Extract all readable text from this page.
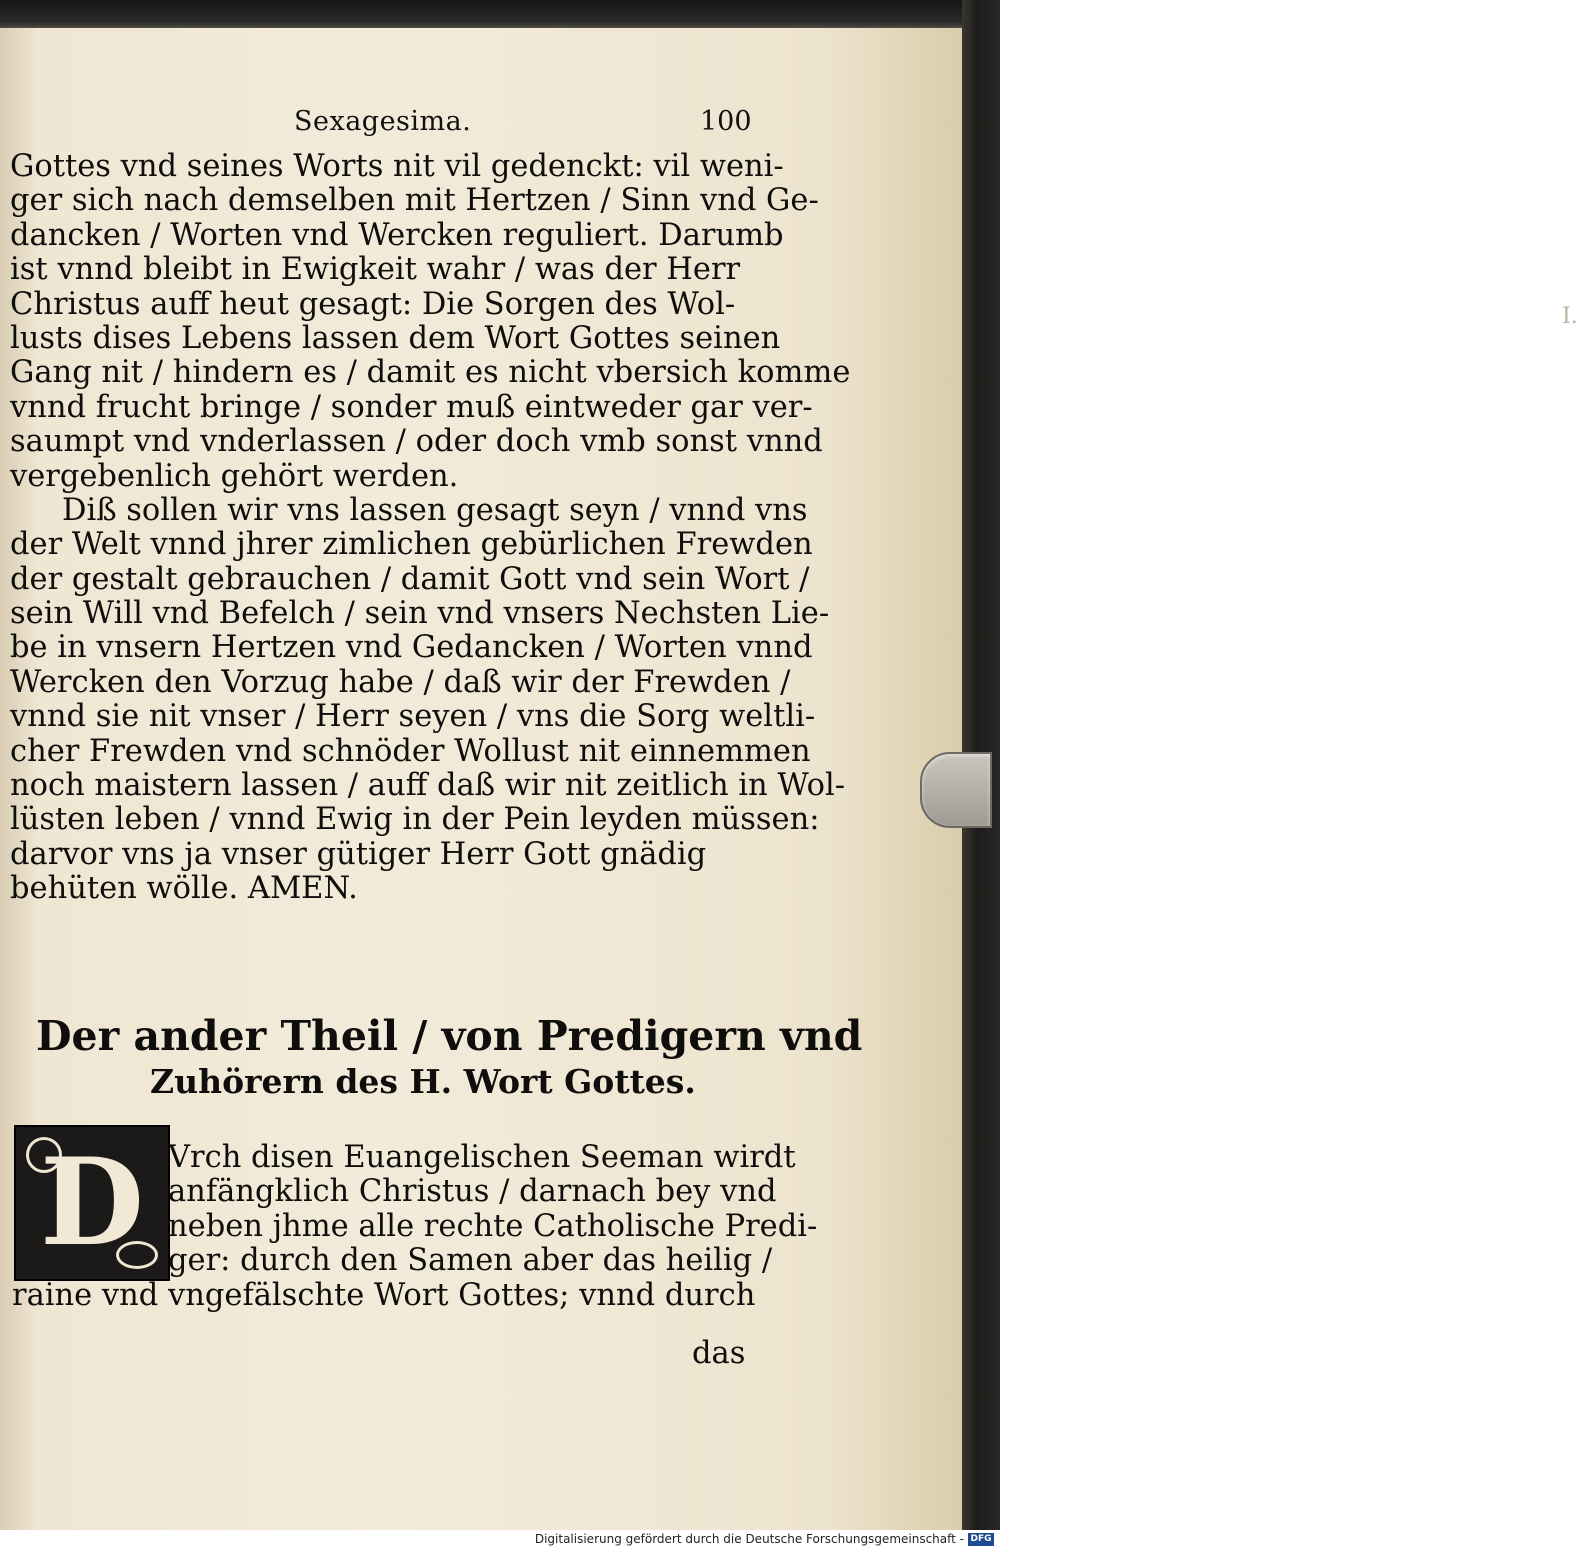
I.
Sexagesima.	100
Gottes vnd seines Worts nit vil gedenckt: vil weni-
ger sich nach demselben mit Hertzen / Sinn vnd Ge-
dancken / Worten vnd Wercken reguliert. Darumb
ist vnnd bleibt in Ewigkeit wahr / was der Herr
Christus auff heut gesagt: Die Sorgen des Wol-
lusts dises Lebens lassen dem Wort Gottes seinen
Gang nit / hindern es / damit es nicht vbersich komme
vnnd frucht bringe / sonder muß eintweder gar ver-
saumpt vnd vnderlassen / oder doch vmb sonst vnnd
vergebenlich gehört werden.
Diß sollen wir vns lassen gesagt seyn / vnnd vns
der Welt vnnd jhrer zimlichen gebürlichen Frewden
der gestalt gebrauchen / damit Gott vnd sein Wort /
sein Will vnd Befelch / sein vnd vnsers Nechsten Lie-
be in vnsern Hertzen vnd Gedancken / Worten vnnd
Wercken den Vorzug habe / daß wir der Frewden /
vnnd sie nit vnser / Herr seyen / vns die Sorg weltli-
cher Frewden vnd schnöder Wollust nit einnemmen
noch maistern lassen / auff daß wir nit zeitlich in Wol-
lüsten leben / vnnd Ewig in der Pein leyden müssen:
darvor vns ja vnser gütiger Herr Gott gnädig
behüten wölle. AMEN.
Der ander Theil / von Predigern vnd
Zuhörern des H. Wort Gottes.
D Vrch disen Euangelischen Seeman wirdt
anfängklich Christus / darnach bey vnd
neben jhme alle rechte Catholische Predi-
ger: durch den Samen aber das heilig /
raine vnd vngefälschte Wort Gottes; vnnd durch
das
Digitalisierung gefördert durch die Deutsche Forschungsgemeinschaft - DFG
